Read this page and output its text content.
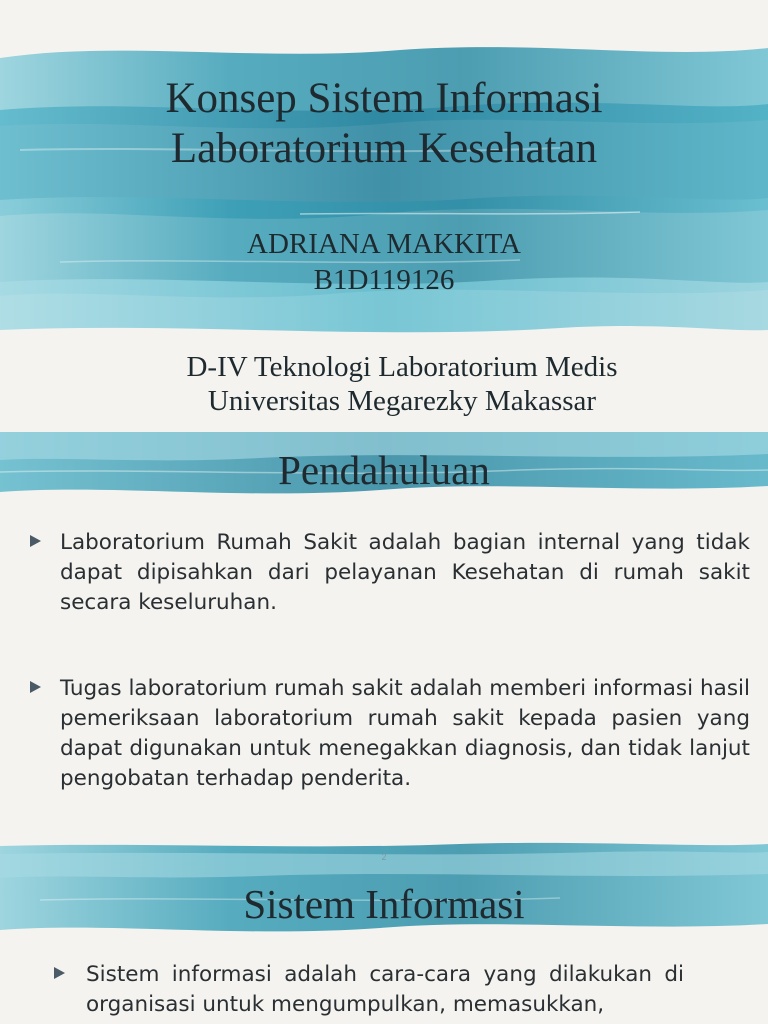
Konsep Sistem Informasi
Laboratorium Kesehatan
ADRIANA MAKKITA
B1D119126
D-IV Teknologi Laboratorium Medis
Universitas Megarezky Makassar
Pendahuluan
Laboratorium Rumah Sakit adalah bagian internal yang tidak dapat dipisahkan dari pelayanan Kesehatan di rumah sakit secara keseluruhan.
Tugas laboratorium rumah sakit adalah memberi informasi hasil pemeriksaan laboratorium rumah sakit kepada pasien yang dapat digunakan untuk menegakkan diagnosis, dan tidak lanjut pengobatan terhadap penderita.
2
Sistem Informasi
Sistem informasi adalah cara-cara yang dilakukan di organisasi untuk mengumpulkan, memasukkan,
